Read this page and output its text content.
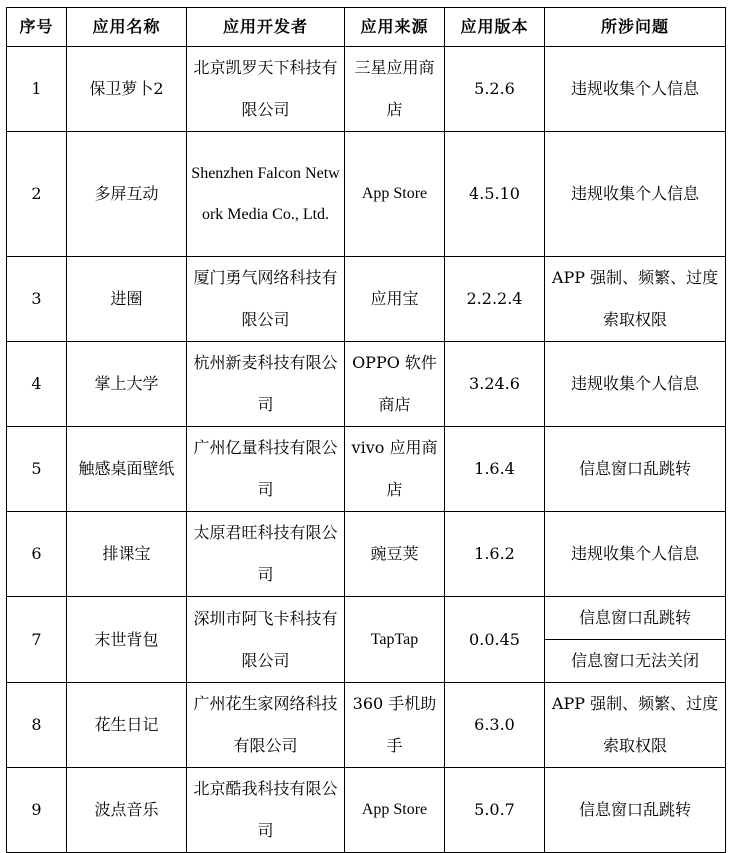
序号	应用名称	应用开发者	应用来源	应用版本	所涉问题
1	保卫萝卜2	北京凯罗天下科技有限公司	三星应用商店	5.2.6	违规收集个人信息
2	多屏互动	Shenzhen Falcon Network Media Co., Ltd.	App Store	4.5.10	违规收集个人信息
3	进圈	厦门勇气网络科技有限公司	应用宝	2.2.2.4	APP 强制、频繁、过度索取权限
4	掌上大学	杭州新麦科技有限公司	OPPO 软件商店	3.24.6	违规收集个人信息
5	触感桌面壁纸	广州亿量科技有限公司	vivo 应用商店	1.6.4	信息窗口乱跳转
6	排课宝	太原君旺科技有限公司	豌豆荚	1.6.2	违规收集个人信息
7	末世背包	深圳市阿飞卡科技有限公司	TapTap	0.0.45	信息窗口乱跳转
					信息窗口无法关闭
8	花生日记	广州花生家网络科技有限公司	360 手机助手	6.3.0	APP 强制、频繁、过度索取权限
9	波点音乐	北京酷我科技有限公司	App Store	5.0.7	信息窗口乱跳转
